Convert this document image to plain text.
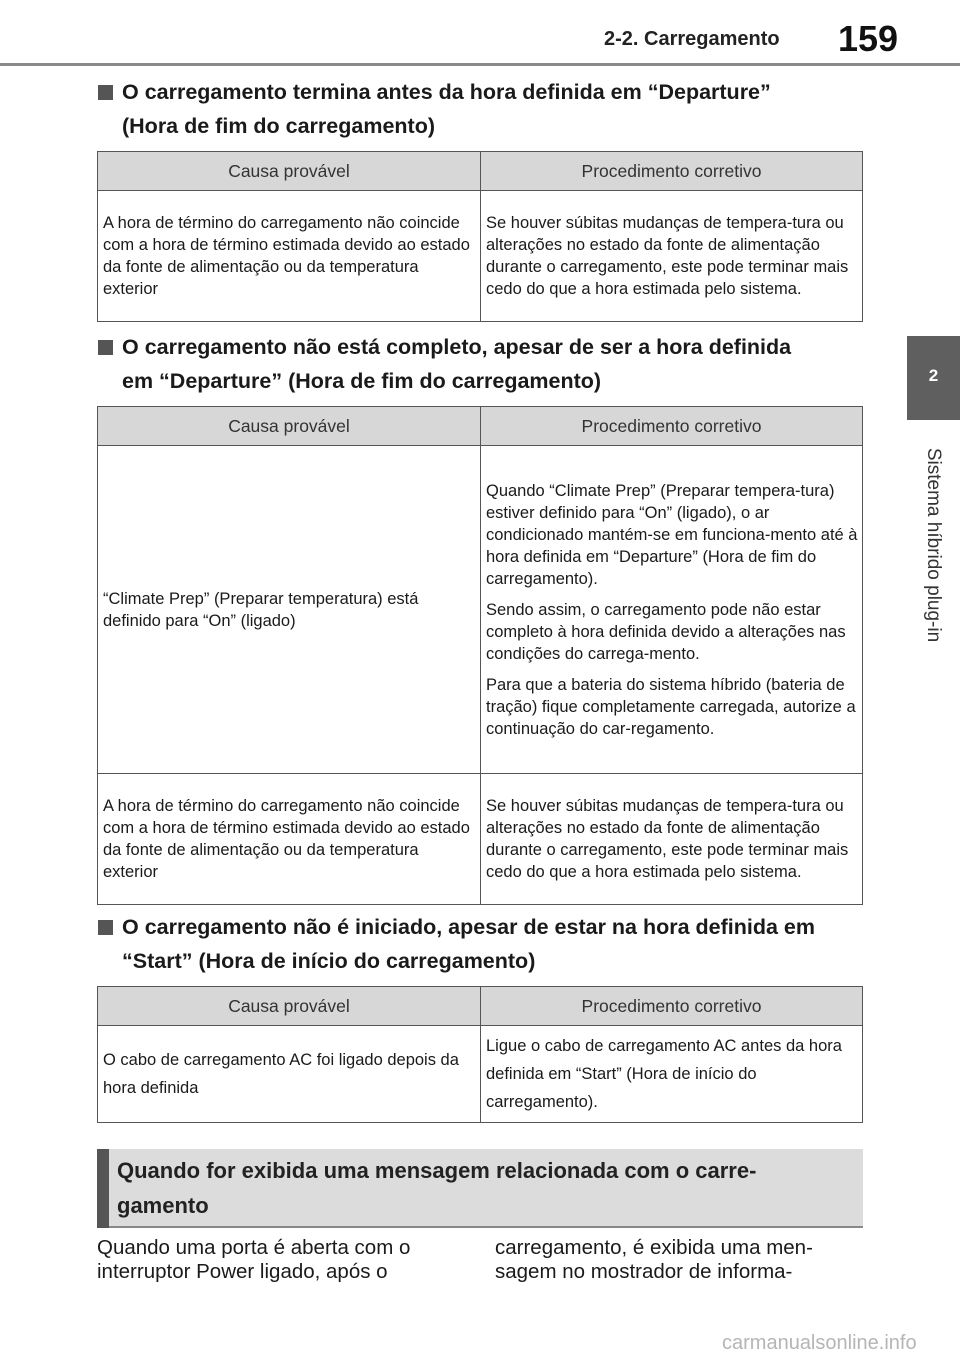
2-2. Carregamento 159
2
Sistema híbrido plug-in
O carregamento termina antes da hora definida em “Departure”
(Hora de fim do carregamento)
Causa provável	Procedimento corretivo

A hora de término do carregamento não coincide com a hora de término estimada devido ao estado da fonte de alimentação ou da temperatura exterior	Se houver súbitas mudanças de tempera-tura ou alterações no estado da fonte de alimentação durante o carregamento, este pode terminar mais cedo do que a hora estimada pelo sistema.

O carregamento não está completo, apesar de ser a hora definida
em “Departure” (Hora de fim do carregamento)
Causa provável	Procedimento corretivo

“Climate Prep” (Preparar temperatura) está definido para “On” (ligado)	Quando “Climate Prep” (Preparar tempera-tura) estiver definido para “On” (ligado), o ar condicionado mantém-se em funciona-mento até à hora definida em “Departure” (Hora de fim do carregamento).

Sendo assim, o carregamento pode não estar completo à hora definida devido a alterações nas condições do carrega-mento.

Para que a bateria do sistema híbrido (bateria de tração) fique completamente carregada, autorize a continuação do car-regamento.

A hora de término do carregamento não coincide com a hora de término estimada devido ao estado da fonte de alimentação ou da temperatura exterior	Se houver súbitas mudanças de tempera-tura ou alterações no estado da fonte de alimentação durante o carregamento, este pode terminar mais cedo do que a hora estimada pelo sistema.

O carregamento não é iniciado, apesar de estar na hora definida em
“Start” (Hora de início do carregamento)
Causa provável	Procedimento corretivo

O cabo de carregamento AC foi ligado depois da hora definida	Ligue o cabo de carregamento AC antes da hora definida em “Start” (Hora de início do carregamento).

Quando for exibida uma mensagem relacionada com o carre-
gamento
Quando uma porta é aberta com o
interruptor Power ligado, após o
carregamento, é exibida uma men-
sagem no mostrador de informa-
carmanualsonline.info
